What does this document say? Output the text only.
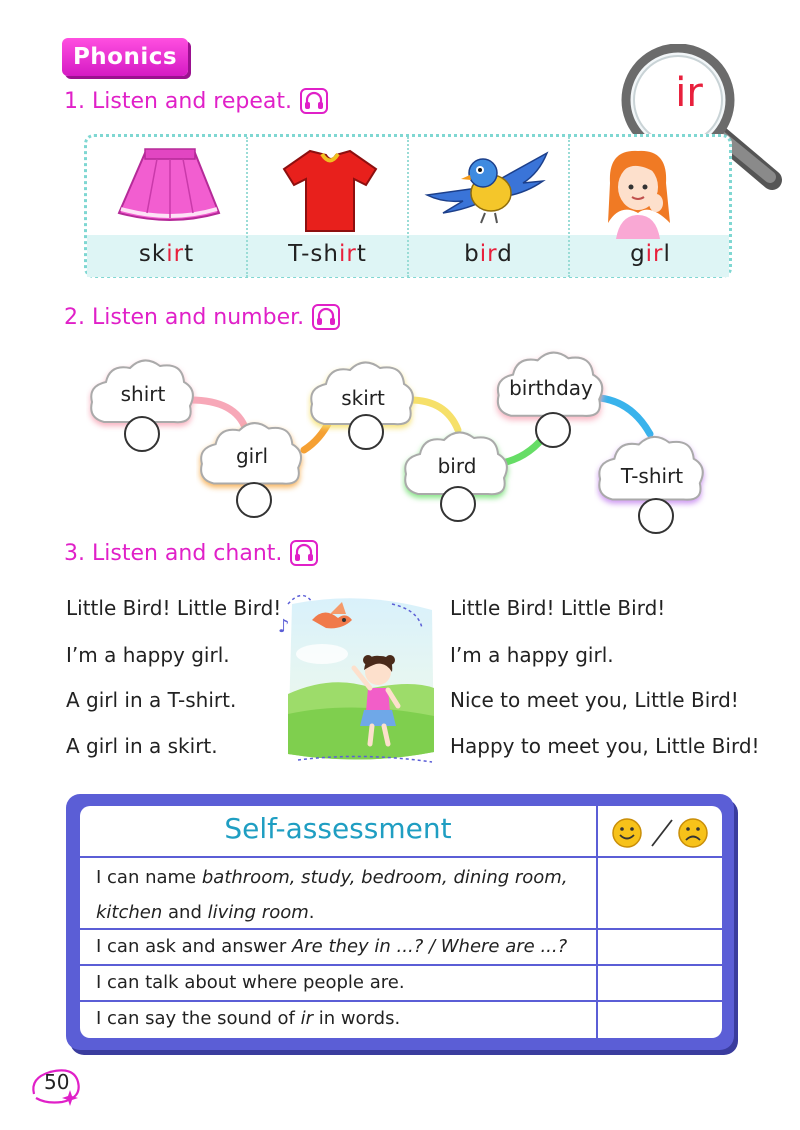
Phonics
1. Listen and repeat.	ir
skirt	T-shirt	bird	girl
2. Listen and number.
shirt
girl
skirt
bird
birthday
T-shirt
3. Listen and chant.
Little Bird! Little Bird!
I’m a happy girl.
A girl in a T-shirt.
A girl in a skirt.
Little Bird! Little Bird!
I’m a happy girl.
Nice to meet you, Little Bird!
Happy to meet you, Little Bird!
♪
Self-assessment
I can name bathroom, study, bedroom, dining room,
kitchen and living room.
I can ask and answer Are they in ...? / Where are ...?
I can talk about where people are.
I can say the sound of ir in words.
50
